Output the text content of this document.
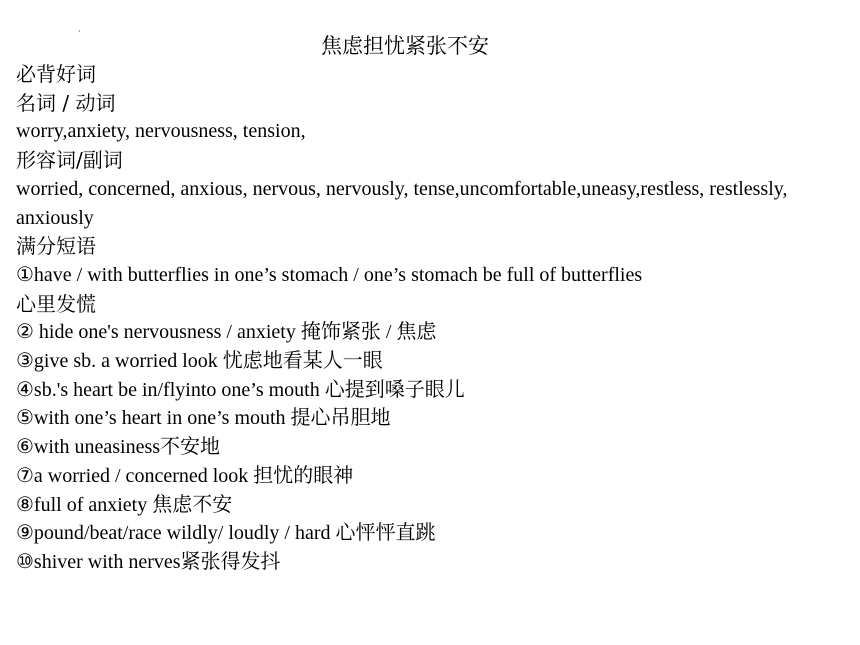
·
焦虑担忧紧张不安
必背好词
名词 / 动词
worry,anxiety, nervousness, tension,
形容词/副词
worried, concerned, anxious, nervous, nervously, tense,uncomfortable,uneasy,restless, restlessly, anxiously
满分短语
①have / with butterflies in one’s stomach / one’s stomach be full of butterflies
心里发慌
② hide one's nervousness / anxiety 掩饰紧张 / 焦虑
③give sb. a worried look 忧虑地看某人一眼
④sb.'s heart be in/flyinto one’s mouth 心提到嗓子眼儿
⑤with one’s heart in one’s mouth 提心吊胆地
⑥with uneasiness不安地
⑦a worried / concerned look 担忧的眼神
⑧full of anxiety 焦虑不安
⑨pound/beat/race wildly/ loudly / hard 心怦怦直跳
⑩shiver with nerves紧张得发抖
